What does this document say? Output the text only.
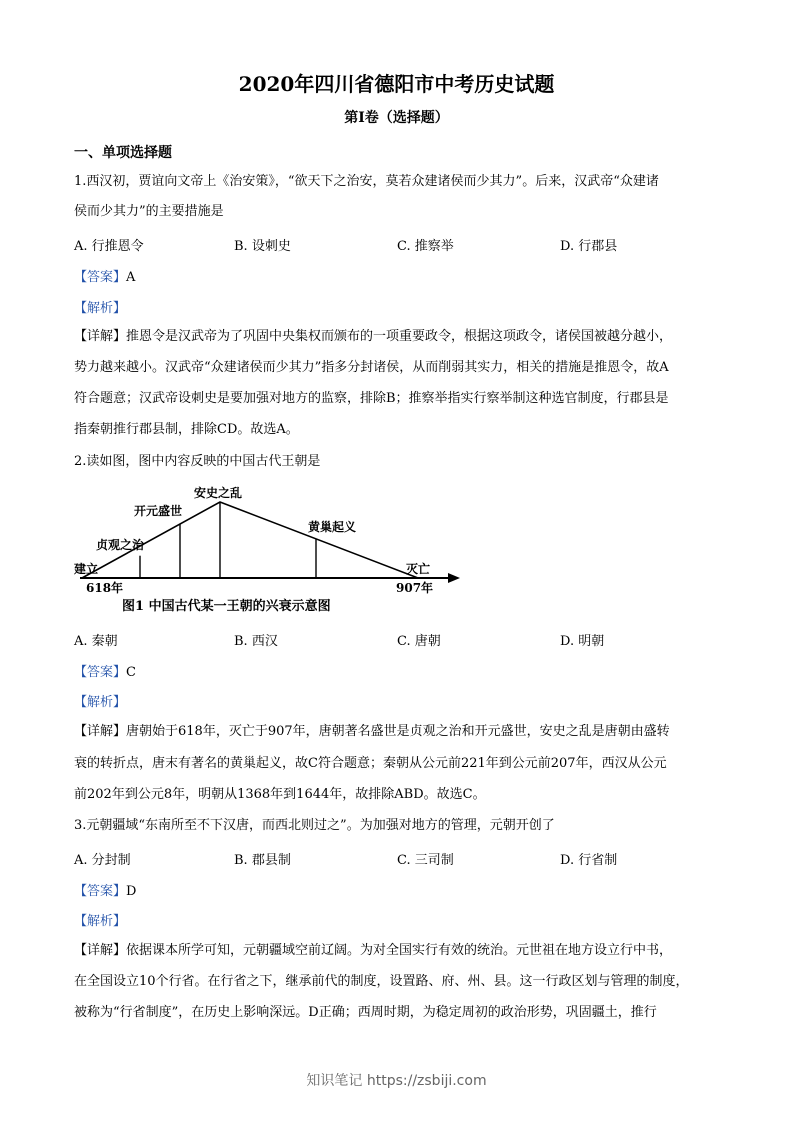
2020年四川省德阳市中考历史试题
第Ⅰ卷（选择题）
一、单项选择题
1.西汉初，贾谊向文帝上《治安策》，“欲天下之治安，莫若众建诸侯而少其力”。后来，汉武帝“众建诸
侯而少其力”的主要措施是
A. 行推恩令	B. 设刺史	C. 推察举	D. 行郡县
【答案】A
【解析】
【详解】推恩令是汉武帝为了巩固中央集权而颁布的一项重要政令，根据这项政令，诸侯国被越分越小，
势力越来越小。汉武帝“众建诸侯而少其力”指多分封诸侯，从而削弱其实力，相关的措施是推恩令，故A
符合题意；汉武帝设刺史是要加强对地方的监察，排除B；推察举指实行察举制这种选官制度，行郡县是
指秦朝推行郡县制，排除CD。故选A。
2.读如图，图中内容反映的中国古代王朝是
建立
贞观之治
开元盛世
安史之乱
黄巢起义
灭亡
618年	907年
图1 中国古代某一王朝的兴衰示意图
A. 秦朝	B. 西汉	C. 唐朝	D. 明朝
【答案】C
【解析】
【详解】唐朝始于618年，灭亡于907年，唐朝著名盛世是贞观之治和开元盛世，安史之乱是唐朝由盛转
衰的转折点，唐末有著名的黄巢起义，故C符合题意；秦朝从公元前221年到公元前207年，西汉从公元
前202年到公元8年，明朝从1368年到1644年，故排除ABD。故选C。
3.元朝疆域“东南所至不下汉唐，而西北则过之”。为加强对地方的管理，元朝开创了
A. 分封制	B. 郡县制	C. 三司制	D. 行省制
【答案】D
【解析】
【详解】依据课本所学可知，元朝疆域空前辽阔。为对全国实行有效的统治。元世祖在地方设立行中书，
在全国设立10个行省。在行省之下，继承前代的制度，设置路、府、州、县。这一行政区划与管理的制度，
被称为“行省制度”，在历史上影响深远。D正确；西周时期，为稳定周初的政治形势，巩固疆土，推行
知识笔记 https://zsbiji.com
